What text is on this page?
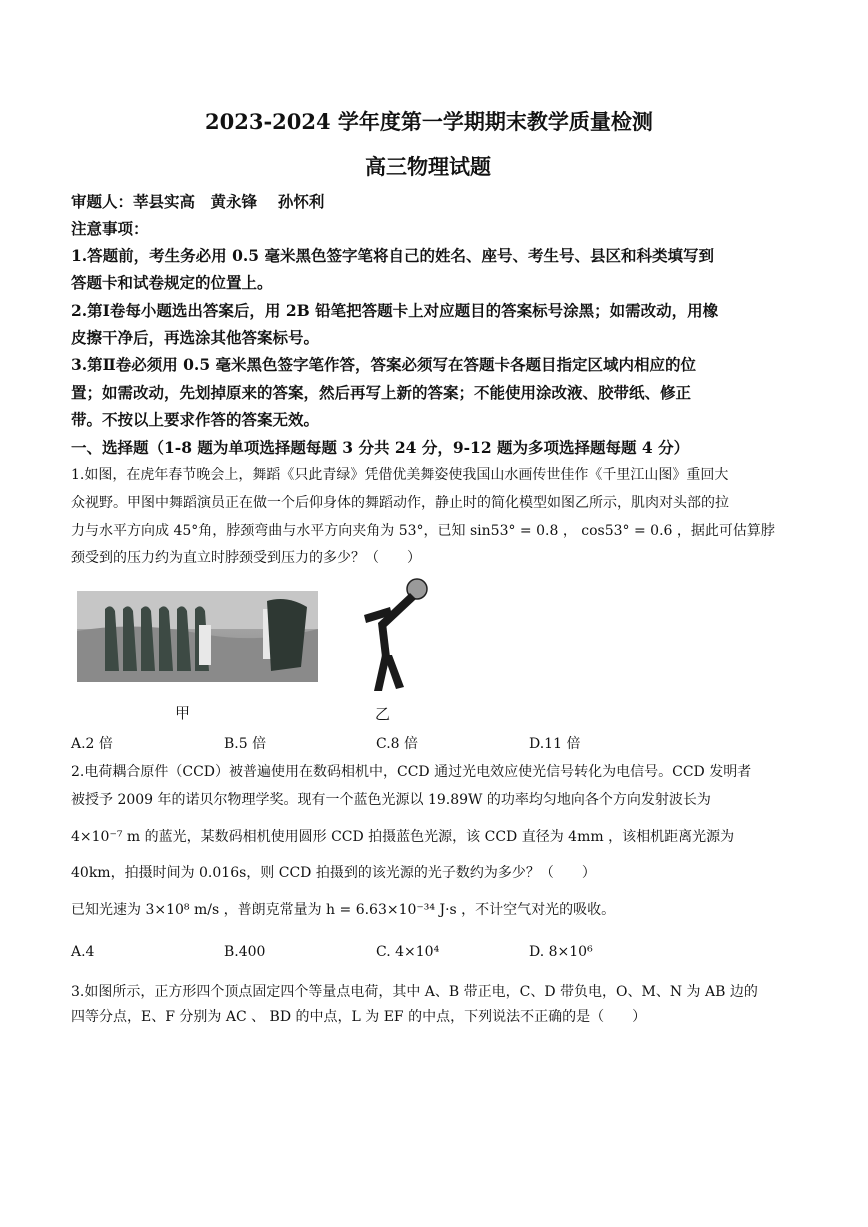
2023-2024 学年度第一学期期末教学质量检测
高三物理试题
审题人：莘县实高　黄永锋　 孙怀利
注意事项：
1.答题前，考生务必用 0.5 毫米黑色签字笔将自己的姓名、座号、考生号、县区和科类填写到
答题卡和试卷规定的位置上。
2.第Ⅰ卷每小题选出答案后，用 2B 铅笔把答题卡上对应题目的答案标号涂黑；如需改动，用橡
皮擦干净后，再选涂其他答案标号。
3.第Ⅱ卷必须用 0.5 毫米黑色签字笔作答，答案必须写在答题卡各题目指定区域内相应的位
置；如需改动，先划掉原来的答案，然后再写上新的答案；不能使用涂改液、胶带纸、修正
带。不按以上要求作答的答案无效。
一、选择题（1-8 题为单项选择题每题 3 分共 24 分，9-12 题为多项选择题每题 4 分）
1.如图，在虎年春节晚会上，舞蹈《只此青绿》凭借优美舞姿使我国山水画传世佳作《千里江山图》重回大
众视野。甲图中舞蹈演员正在做一个后仰身体的舞蹈动作，静止时的简化模型如图乙所示，肌肉对头部的拉
力与水平方向成 45°角，脖颈弯曲与水平方向夹角为 53°，已知 sin53° = 0.8 ， cos53° = 0.6 ，据此可估算脖
颈受到的压力约为直立时脖颈受到压力的多少？（　　）
甲	乙
A.2 倍	B.5 倍	C.8 倍	D.11 倍
2.电荷耦合原件（CCD）被普遍使用在数码相机中，CCD 通过光电效应使光信号转化为电信号。CCD 发明者
被授予 2009 年的诺贝尔物理学奖。现有一个蓝色光源以 19.89W 的功率均匀地向各个方向发射波长为
4×10⁻⁷ m 的蓝光，某数码相机使用圆形 CCD 拍摄蓝色光源，该 CCD 直径为 4mm ，该相机距离光源为
40km，拍摄时间为 0.016s，则 CCD 拍摄到的该光源的光子数约为多少？（　　）
已知光速为 3×10⁸ m/s ，普朗克常量为 h = 6.63×10⁻³⁴ J·s ，不计空气对光的吸收。
A.4	B.400	C. 4×10⁴	D. 8×10⁶
3.如图所示，正方形四个顶点固定四个等量点电荷，其中 A、B 带正电，C、D 带负电，O、M、N 为 AB 边的
四等分点，E、F 分别为 AC 、 BD 的中点，L 为 EF 的中点，下列说法不正确的是（　　）
